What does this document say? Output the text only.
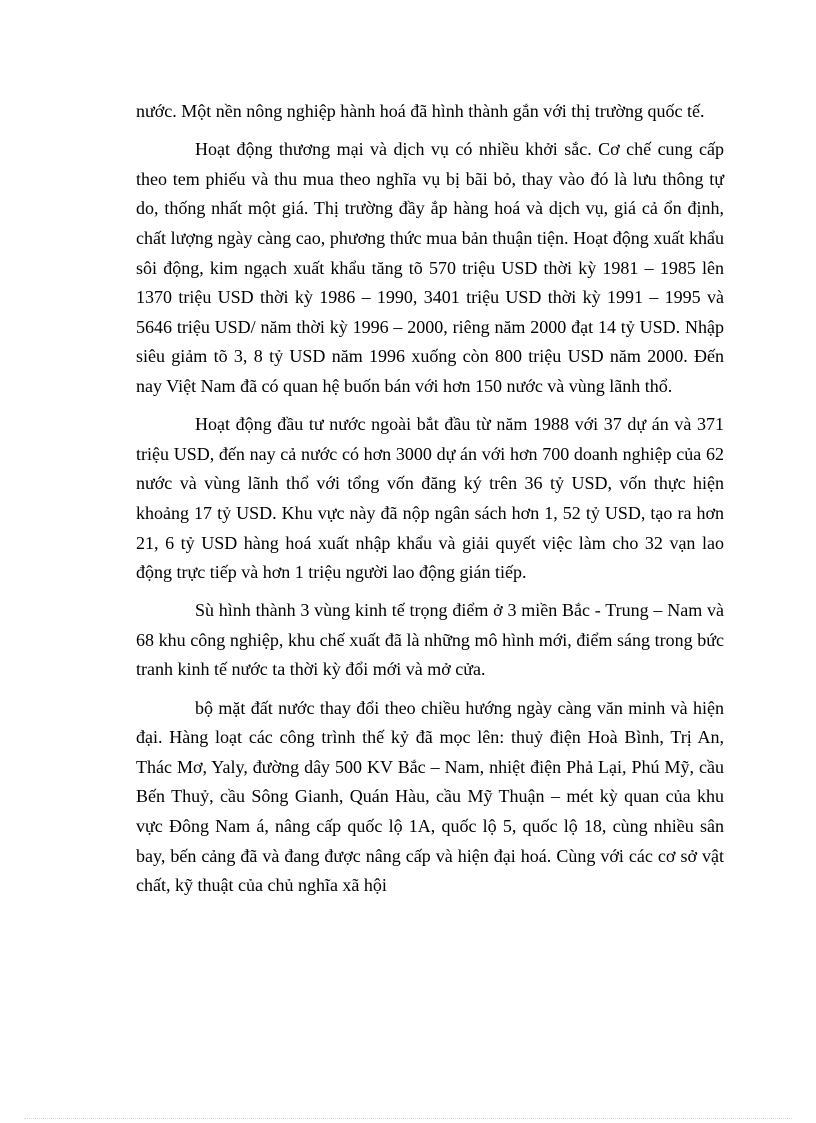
nước. Một nền nông nghiệp hành hoá đã hình thành gắn với thị trường quốc tế.

Hoạt động thương mại và dịch vụ có nhiều khởi sắc. Cơ chế cung cấp theo tem phiếu và thu mua theo nghĩa vụ bị bãi bỏ, thay vào đó là lưu thông tự do, thống nhất một giá. Thị trường đầy ắp hàng hoá và dịch vụ, giá cả ổn định, chất lượng ngày càng cao, phương thức mua bản thuận tiện. Hoạt động xuất khẩu sôi động, kim ngạch xuất khẩu tăng tõ 570 triệu USD thời kỳ 1981 – 1985 lên 1370 triệu USD thời kỳ 1986 – 1990, 3401 triệu USD thời kỳ 1991 – 1995 và 5646 triệu USD/ năm thời kỳ 1996 – 2000, riêng năm 2000 đạt 14 tỷ USD. Nhập siêu giảm tõ 3, 8 tỷ USD năm 1996 xuống còn 800 triệu USD năm 2000. Đến nay Việt Nam đã có quan hệ buốn bán với hơn 150 nước và vùng lãnh thổ.

Hoạt động đầu tư nước ngoài bắt đầu từ năm 1988 với 37 dự án và 371 triệu USD, đến nay cả nước có hơn 3000 dự án với hơn 700 doanh nghiệp của 62 nước và vùng lãnh thổ với tổng vốn đăng ký trên 36 tỷ USD, vốn thực hiện khoảng 17 tỷ USD. Khu vực này đã nộp ngân sách hơn 1, 52 tỷ USD, tạo ra hơn 21, 6 tỷ USD hàng hoá xuất nhập khẩu và giải quyết việc làm cho 32 vạn lao động trực tiếp và hơn 1 triệu người lao động gián tiếp.

Sù hình thành 3 vùng kinh tế trọng điểm ở 3 miền Bắc - Trung – Nam và 68 khu công nghiệp, khu chế xuất đã là những mô hình mới, điểm sáng trong bức tranh kinh tế nước ta thời kỳ đổi mới và mở cửa.

bộ mặt đất nước thay đổi theo chiều hướng ngày càng văn minh và hiện đại. Hàng loạt các công trình thế kỷ đã mọc lên: thuỷ điện Hoà Bình, Trị An, Thác Mơ, Yaly, đường dây 500 KV Bắc – Nam, nhiệt điện Phả Lại, Phú Mỹ, cầu Bến Thuỷ, cầu Sông Gianh, Quán Hàu, cầu Mỹ Thuận – mét kỳ quan của khu vực Đông Nam á, nâng cấp quốc lộ 1A, quốc lộ 5, quốc lộ 18, cùng nhiều sân bay, bến cảng đã và đang được nâng cấp và hiện đại hoá. Cùng với các cơ sở vật chất, kỹ thuật của chủ nghĩa xã hội
